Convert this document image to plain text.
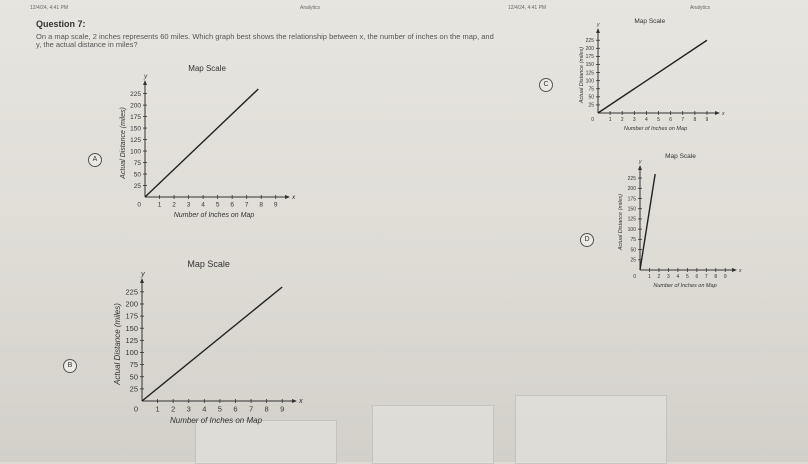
12/4/24, 4:41 PM	Analytics	12/4/24, 4:41 PM	Analytics
Question 7:
On a map scale, 2 inches represents 60 miles. Which graph best shows the relationship between x, the number of inches on the map, and y, the actual distance in miles?
A
B
C
D
Map Scale
x
y
0	1 2 3 4 5 6 7 8 9
25
50
75
100
125
150
175
200
225
Number of Inches on Map
Actual Distance (miles)
Map Scale
x
y
0 1 2 3 4 5 6 7 8 9
25
50
75
100
125
150
175
200
225
Number of Inches on Map
Actual Distance (miles)
Map Scale
x
y
0	1 2 3 4 5 6 7 8 9
25
50
75
100
125
150
175
200
225
Number of Inches on Map
Actual Distance (miles)
Map Scale
x
y
0 1 2 3 4 5 6 7 8 9
25
50
75
100
125
150
175
200
225
Number of Inches on Map
Actual Distance (miles)
